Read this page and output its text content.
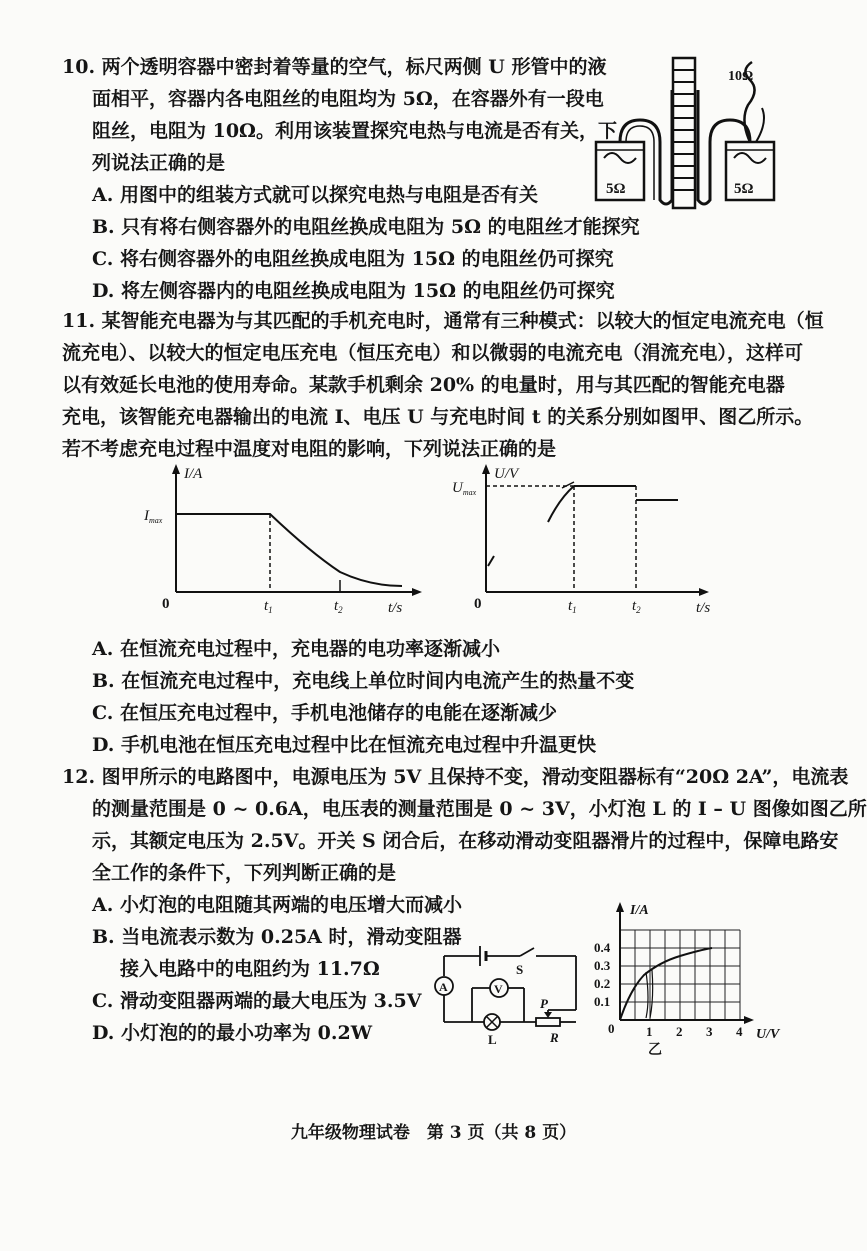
10. 两个透明容器中密封着等量的空气，标尺两侧 U 形管中的液
面相平，容器内各电阻丝的电阻均为 5Ω，在容器外有一段电
阻丝，电阻为 10Ω。利用该装置探究电热与电流是否有关，下
列说法正确的是
A. 用图中的组装方式就可以探究电热与电阻是否有关
B. 只有将右侧容器外的电阻丝换成电阻为 5Ω 的电阻丝才能探究
C. 将右侧容器外的电阻丝换成电阻为 15Ω 的电阻丝仍可探究
D. 将左侧容器内的电阻丝换成电阻为 15Ω 的电阻丝仍可探究
5Ω	5Ω
10Ω
11. 某智能充电器为与其匹配的手机充电时，通常有三种模式：以较大的恒定电流充电（恒
流充电）、以较大的恒定电压充电（恒压充电）和以微弱的电流充电（涓流充电），这样可
以有效延长电池的使用寿命。某款手机剩余 20% 的电量时，用与其匹配的智能充电器
充电，该智能充电器输出的电流 I、电压 U 与充电时间 t 的关系分别如图甲、图乙所示。
若不考虑充电过程中温度对电阻的影响，下列说法正确的是
I/A
$I_{max}$
0	t/s
$t_1$	$t_2$
U/V
$U_{max}$
0	t/s
$t_1$	$t_2$
A. 在恒流充电过程中，充电器的电功率逐渐减小
B. 在恒流充电过程中，充电线上单位时间内电流产生的热量不变
C. 在恒压充电过程中，手机电池储存的电能在逐渐减少
D. 手机电池在恒压充电过程中比在恒流充电过程中升温更快
12. 图甲所示的电路图中，电源电压为 5V 且保持不变，滑动变阻器标有“20Ω 2A”，电流表
的测量范围是 0 ~ 0.6A，电压表的测量范围是 0 ~ 3V，小灯泡 L 的 I – U 图像如图乙所
示，其额定电压为 2.5V。开关 S 闭合后，在移动滑动变阻器滑片的过程中，保障电路安
全工作的条件下，下列判断正确的是
A. 小灯泡的电阻随其两端的电压增大而减小
B. 当电流表示数为 0.25A 时，滑动变阻器
接入电路中的电阻约为 11.7Ω
C. 滑动变阻器两端的最大电压为 3.5V
D. 小灯泡的的最小功率为 0.2W
S
A
L	R
P
V
I/A
U/V
0
0.1
0.2
0.3
0.4
1 2 3 4
乙
九年级物理试卷　第 3 页（共 8 页）
